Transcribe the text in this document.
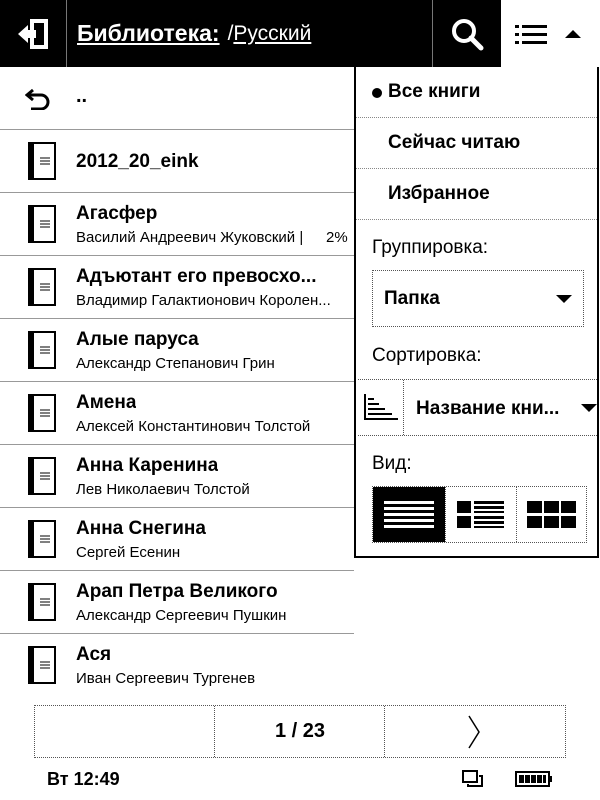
Библиотека: / Русский
..
2012_20_eink
Агасфер
Василий Андреевич Жуковский | 2%
Адъютант его превосхо...
Владимир Галактионович Королен...
Алые паруса
Александр Степанович Грин
Амена
Алексей Константинович Толстой
Анна Каренина
Лев Николаевич Толстой
Анна Снегина
Сергей Есенин
Арап Петра Великого
Александр Сергеевич Пушкин
Ася
Иван Сергеевич Тургенев
Все книги
Сейчас читаю
Избранное
Группировка:
Папка
Сортировка:
Название кни...
Вид:
1 / 23
Вт 12:49
